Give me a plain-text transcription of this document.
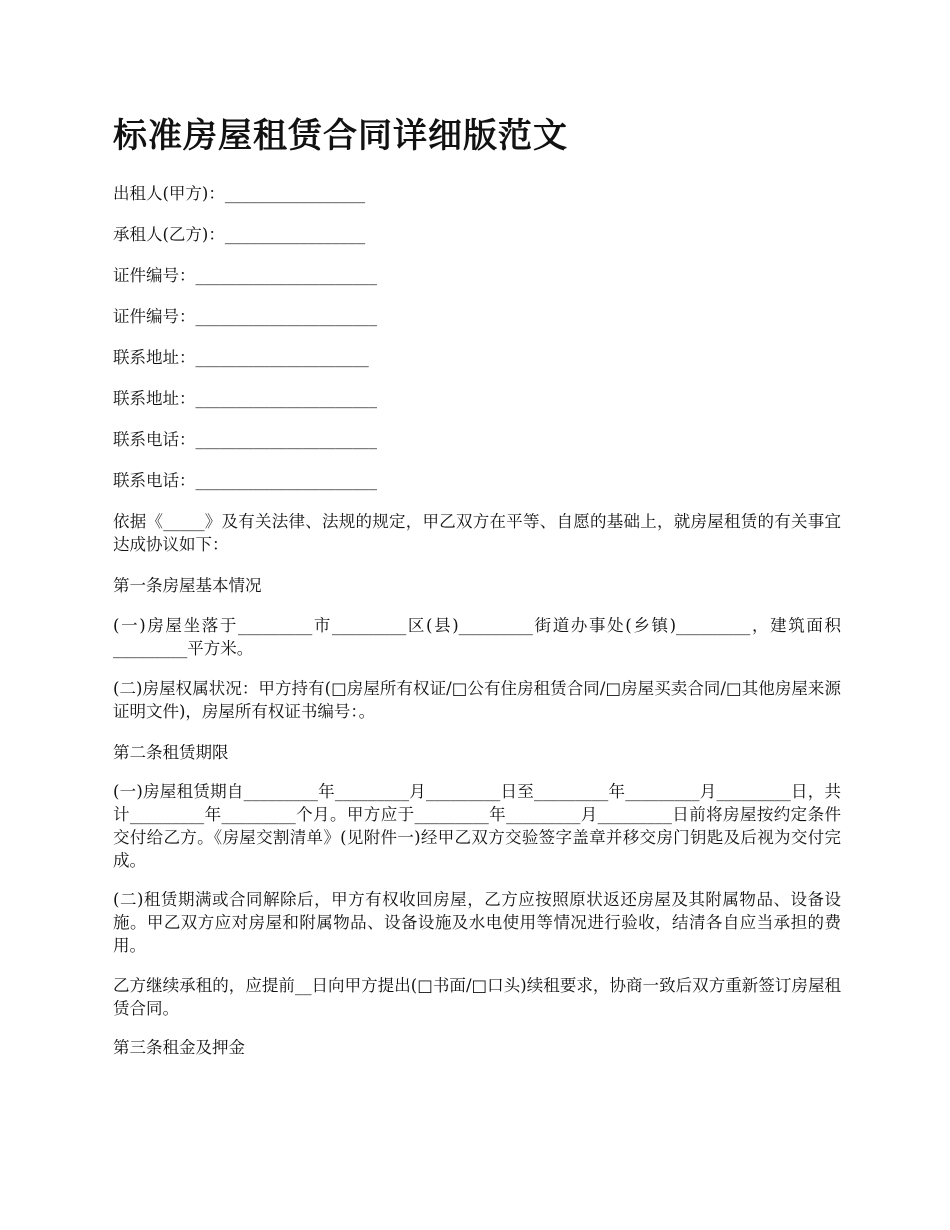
标准房屋租赁合同详细版范文
出租人(甲方)：_________________
承租人(乙方)：_________________
证件编号：______________________
证件编号：______________________
联系地址：_____________________
联系地址：______________________
联系电话：______________________
联系电话：______________________

依据《_____》及有关法律、法规的规定，甲乙双方在平等、自愿的基础上，就房屋租赁的有关事宜达成协议如下：

第一条房屋基本情况

(一)房屋坐落于_________市_________区(县)_________街道办事处(乡镇)_________，建筑面积_________平方米。

(二)房屋权属状况：甲方持有(□房屋所有权证/□公有住房租赁合同/□房屋买卖合同/□其他房屋来源证明文件)，房屋所有权证书编号：。

第二条租赁期限

(一)房屋租赁期自_________年_________月_________日至_________年_________月_________日，共计_________年_________个月。甲方应于_________年_________月_________日前将房屋按约定条件交付给乙方。《房屋交割清单》(见附件一)经甲乙双方交验签字盖章并移交房门钥匙及后视为交付完成。

(二)租赁期满或合同解除后，甲方有权收回房屋，乙方应按照原状返还房屋及其附属物品、设备设施。甲乙双方应对房屋和附属物品、设备设施及水电使用等情况进行验收，结清各自应当承担的费用。

乙方继续承租的，应提前__日向甲方提出(□书面/□口头)续租要求，协商一致后双方重新签订房屋租赁合同。

第三条租金及押金
